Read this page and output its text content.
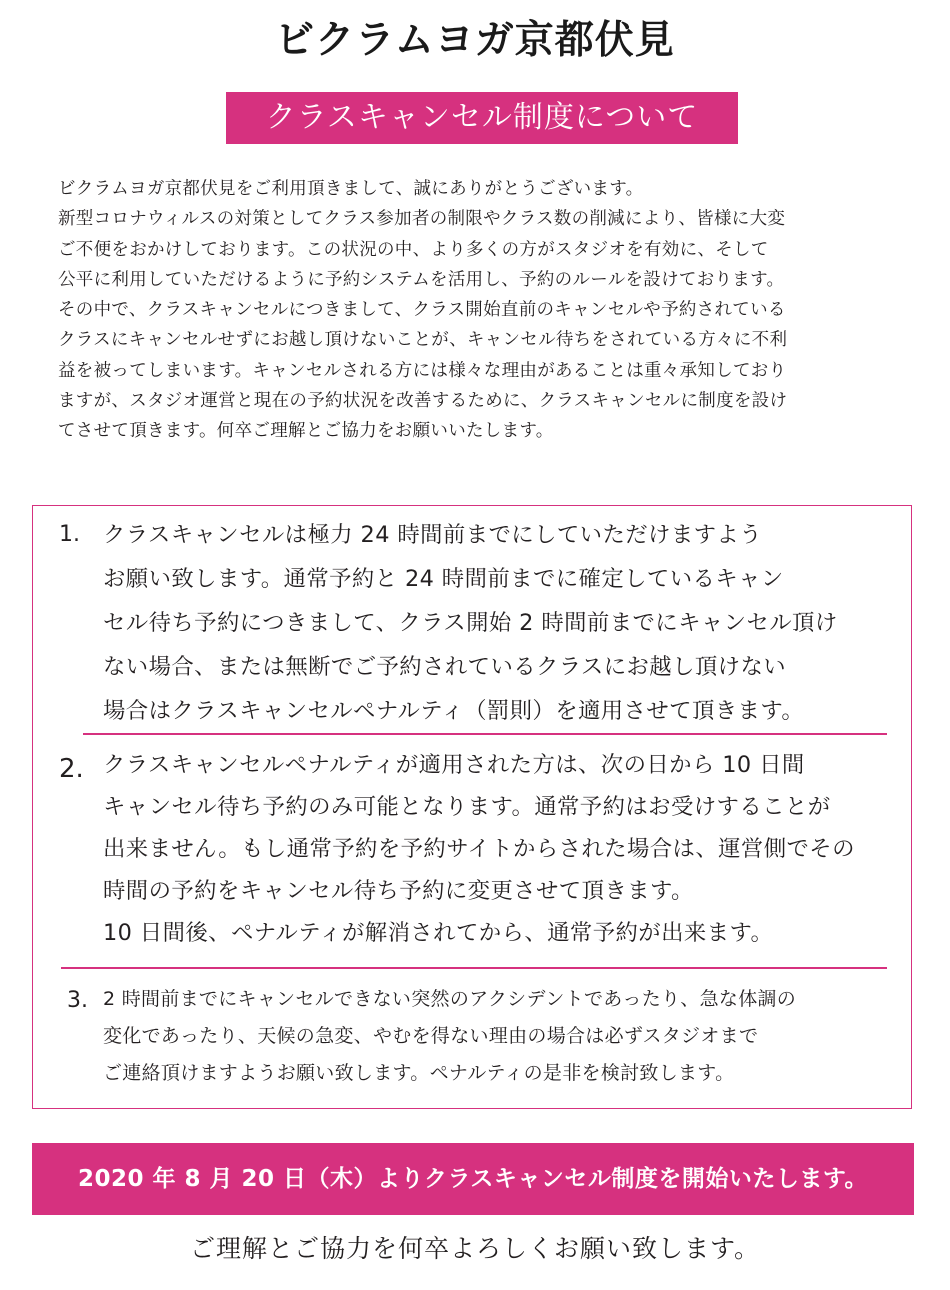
ビクラムヨガ京都伏見
クラスキャンセル制度について
ビクラムヨガ京都伏見をご利用頂きまして、誠にありがとうございます。
新型コロナウィルスの対策としてクラス参加者の制限やクラス数の削減により、皆様に大変
ご不便をおかけしております。この状況の中、より多くの方がスタジオを有効に、そして
公平に利用していただけるように予約システムを活用し、予約のルールを設けております。
その中で、クラスキャンセルにつきまして、クラス開始直前のキャンセルや予約されている
クラスにキャンセルせずにお越し頂けないことが、キャンセル待ちをされている方々に不利
益を被ってしまいます。キャンセルされる方には様々な理由があることは重々承知しており
ますが、スタジオ運営と現在の予約状況を改善するために、クラスキャンセルに制度を設け
てさせて頂きます。何卒ご理解とご協力をお願いいたします。
1. クラスキャンセルは極力 24 時間前までにしていただけますよう
お願い致します。通常予約と 24 時間前までに確定しているキャン
セル待ち予約につきまして、クラス開始 2 時間前までにキャンセル頂け
ない場合、または無断でご予約されているクラスにお越し頂けない
場合はクラスキャンセルペナルティ（罰則）を適用させて頂きます。
2. クラスキャンセルペナルティが適用された方は、次の日から 10 日間
キャンセル待ち予約のみ可能となります。通常予約はお受けすることが
出来ません。もし通常予約を予約サイトからされた場合は、運営側でその
時間の予約をキャンセル待ち予約に変更させて頂きます。
10 日間後、ペナルティが解消されてから、通常予約が出来ます。
3. 2 時間前までにキャンセルできない突然のアクシデントであったり、急な体調の
変化であったり、天候の急変、やむを得ない理由の場合は必ずスタジオまで
ご連絡頂けますようお願い致します。ペナルティの是非を検討致します。
2020 年 8 月 20 日（木）よりクラスキャンセル制度を開始いたします。
ご理解とご協力を何卒よろしくお願い致します。
